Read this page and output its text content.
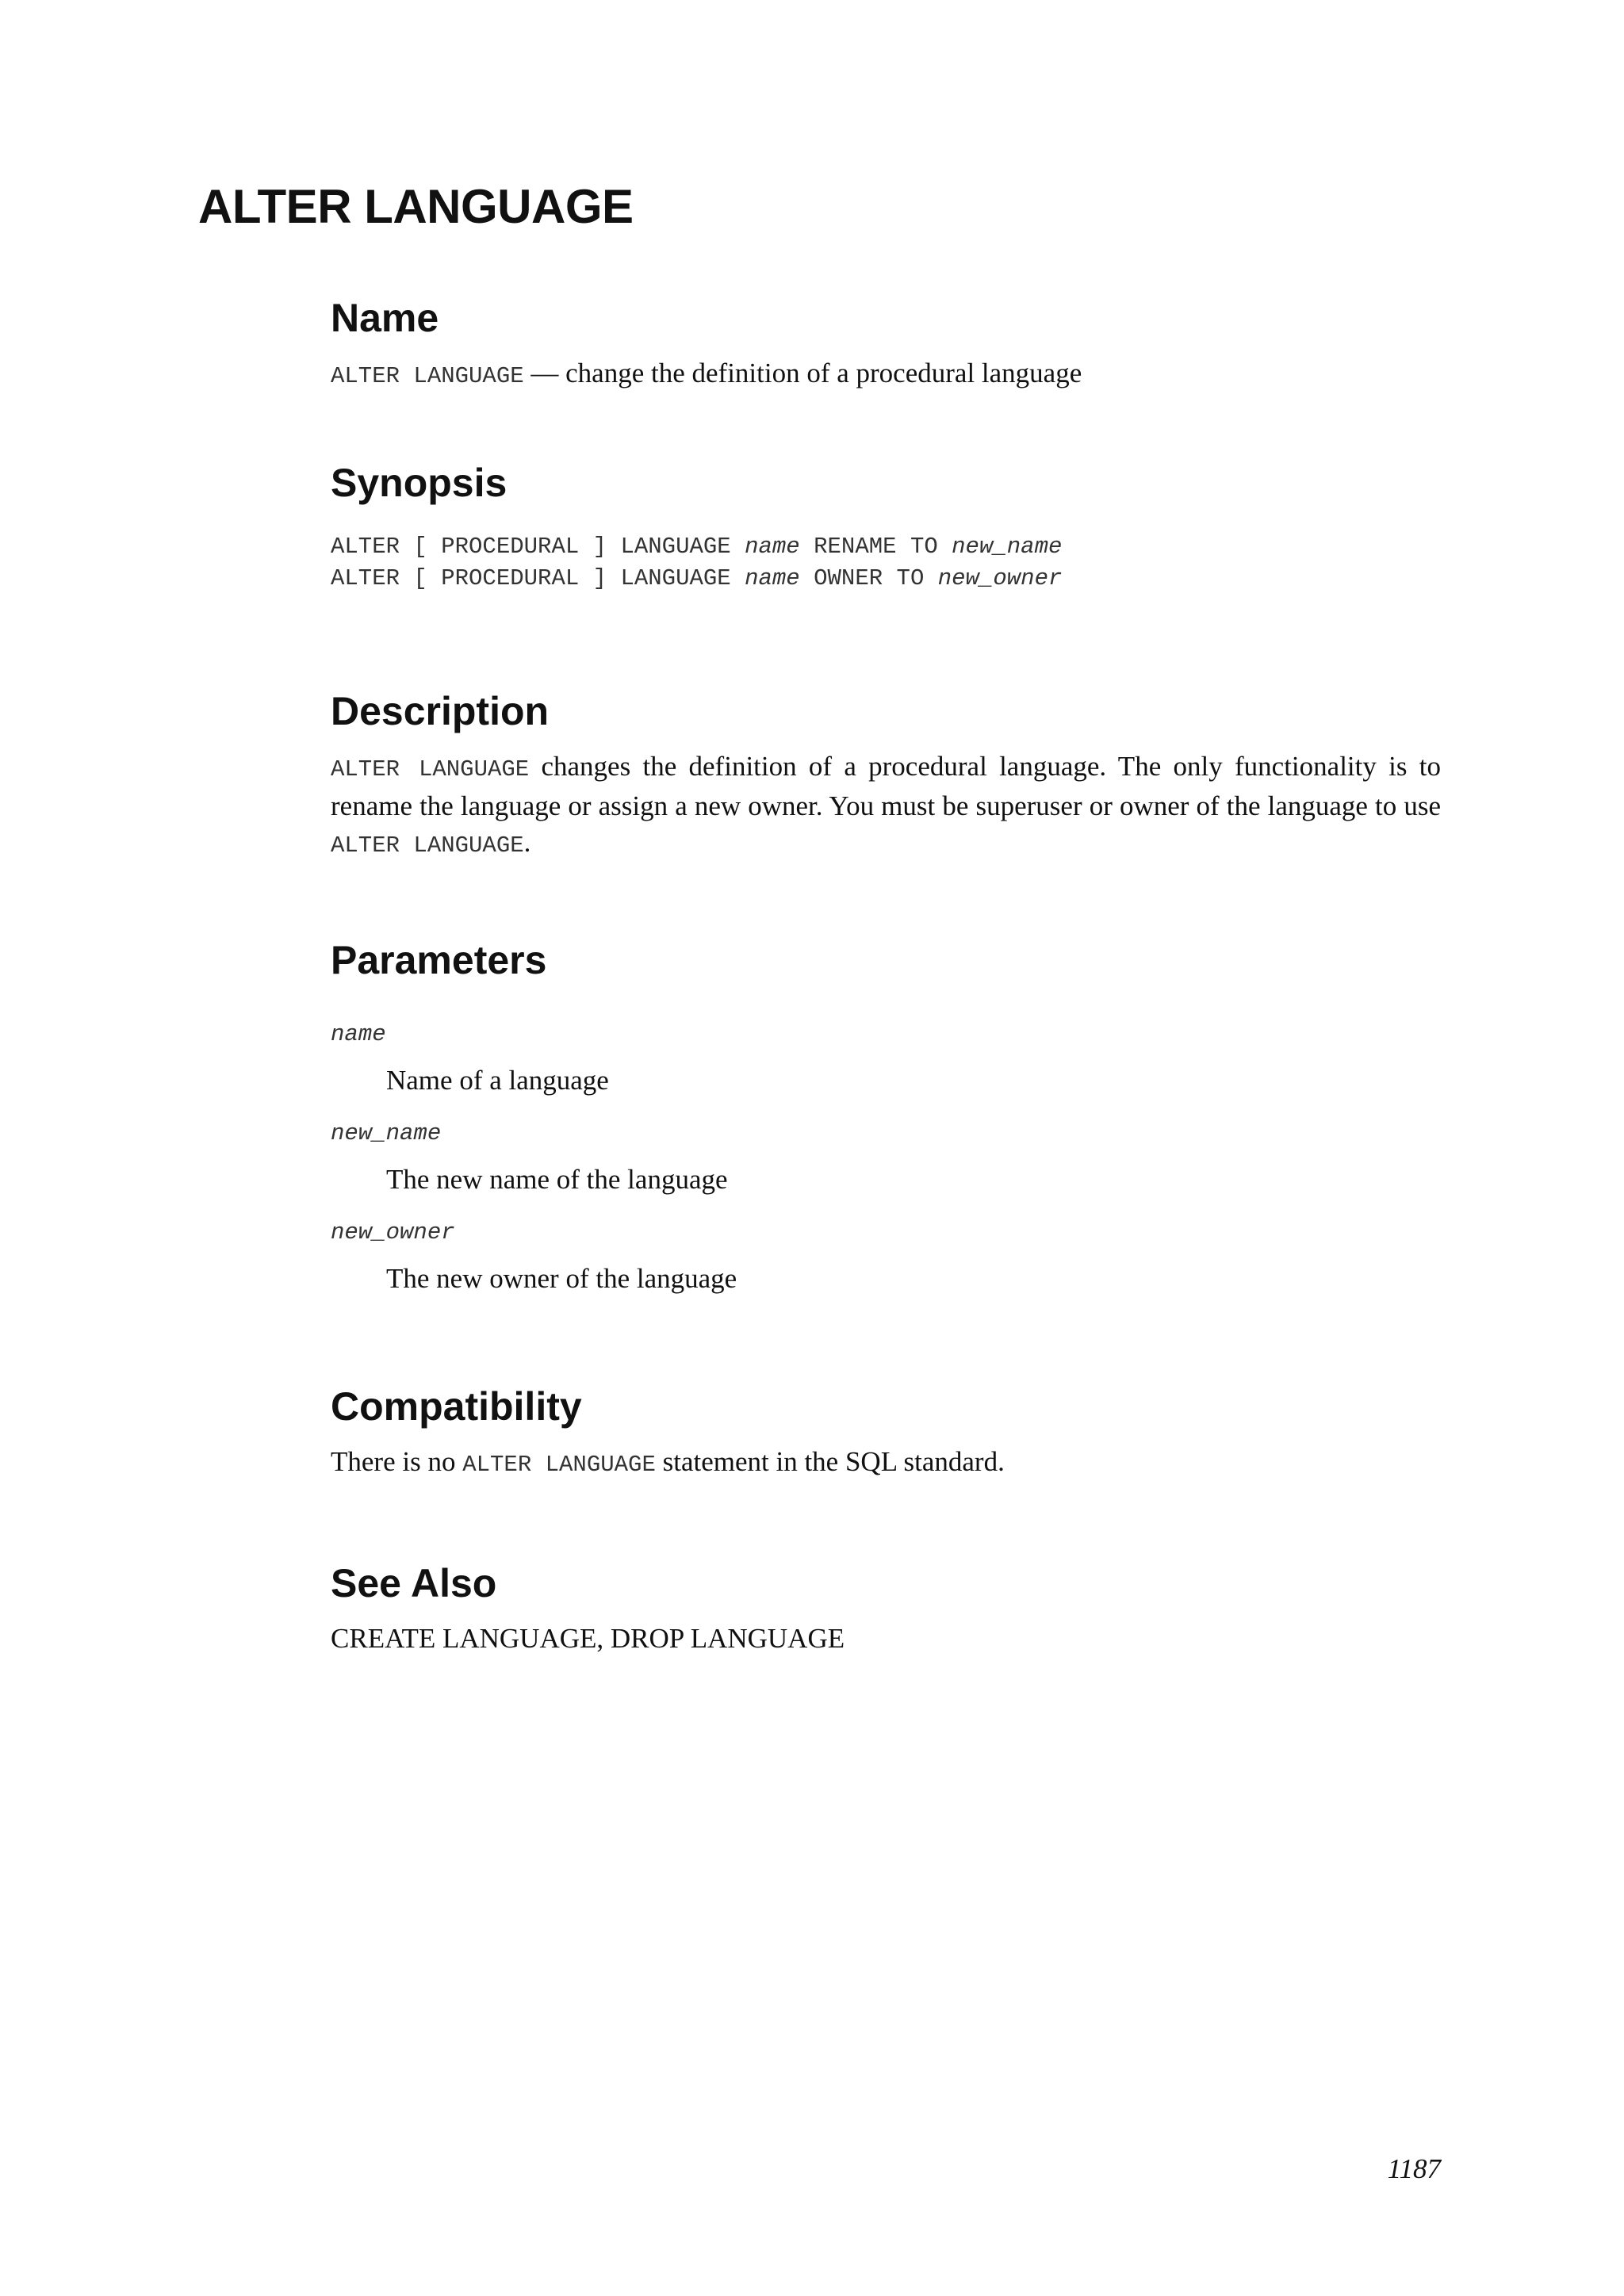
ALTER LANGUAGE
Name

ALTER LANGUAGE — change the definition of a procedural language

Synopsis

ALTER [ PROCEDURAL ] LANGUAGE name RENAME TO new_name

ALTER [ PROCEDURAL ] LANGUAGE name OWNER TO new_owner

Description

ALTER LANGUAGE changes the definition of a procedural language. The only functionality is to rename the language or assign a new owner. You must be superuser or owner of the language to use ALTER LANGUAGE.

Parameters

name

Name of a language

new_name

The new name of the language

new_owner

The new owner of the language

Compatibility

There is no ALTER LANGUAGE statement in the SQL standard.

See Also

CREATE LANGUAGE, DROP LANGUAGE

1187
